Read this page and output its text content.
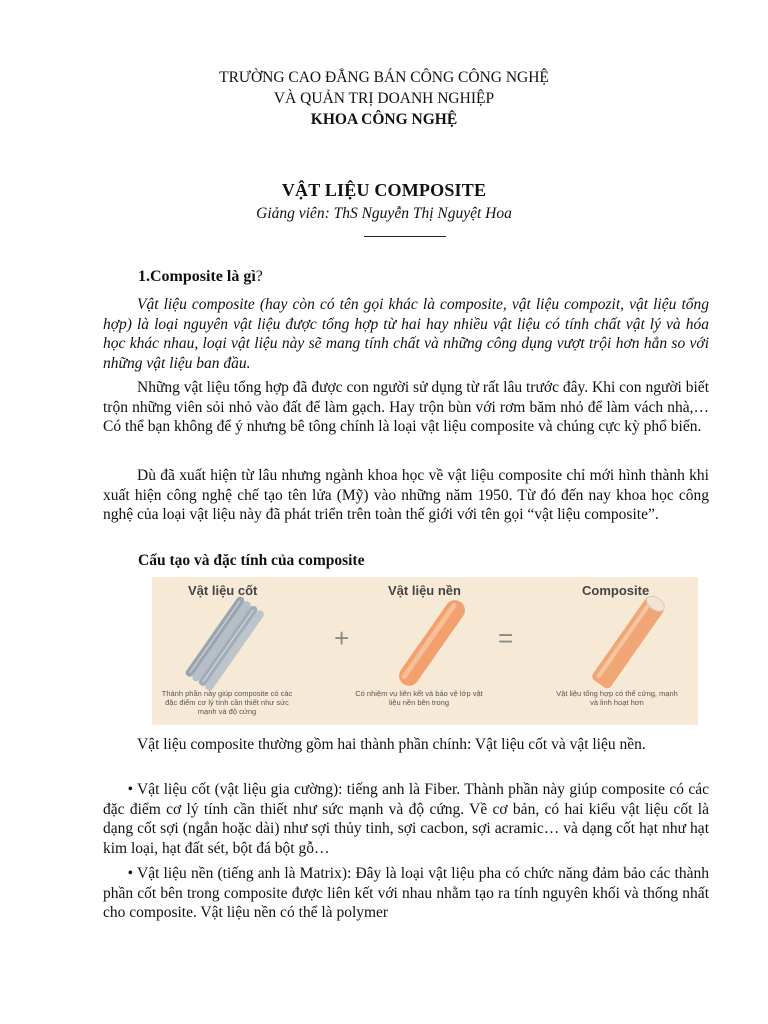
TRƯỜNG CAO ĐẲNG BÁN CÔNG CÔNG NGHỆ
VÀ QUẢN TRỊ DOANH NGHIỆP
KHOA CÔNG NGHỆ
VẬT LIỆU COMPOSITE
Giảng viên: ThS Nguyễn Thị Nguyệt Hoa
1.Composite là gì?
Vật liệu composite (hay còn có tên gọi khác là composite, vật liệu compozit, vật liệu tổng hợp) là loại nguyên vật liệu được tổng hợp từ hai hay nhiều vật liệu có tính chất vật lý và hóa học khác nhau, loại vật liệu này sẽ mang tính chất và những công dụng vượt trội hơn hẳn so với những vật liệu ban đầu.
Những vật liệu tổng hợp đã được con người sử dụng từ rất lâu trước đây. Khi con người biết trộn những viên sỏi nhỏ vào đất để làm gạch. Hay trộn bùn với rơm băm nhỏ để làm vách nhà,… Có thể bạn không để ý nhưng bê tông chính là loại vật liệu composite và chúng cực kỳ phổ biến.
Dù đã xuất hiện từ lâu nhưng ngành khoa học về vật liệu composite chỉ mới hình thành khi xuất hiện công nghệ chế tạo tên lửa (Mỹ) vào những năm 1950. Từ đó đến nay khoa học công nghệ của loại vật liệu này đã phát triển trên toàn thế giới với tên gọi “vật liệu composite”.
Cấu tạo và đặc tính của composite
Vật liệu cốt	Vật liệu nền	Composite
+	=
Thành phần này giúp composite có các đặc điểm cơ lý tính cần thiết như sức mạnh và độ cứng
Có nhiệm vụ liên kết và bảo vệ lớp vật liệu nền bên trong
Vật liệu tổng hợp có thể cứng, mạnh và linh hoạt hơn
Vật liệu composite thường gồm hai thành phần chính: Vật liệu cốt và vật liệu nền.
• Vật liệu cốt (vật liệu gia cường): tiếng anh là Fiber. Thành phần này giúp composite có các đặc điểm cơ lý tính cần thiết như sức mạnh và độ cứng. Về cơ bản, có hai kiểu vật liệu cốt là dạng cốt sợi (ngắn hoặc dài) như sợi thủy tinh, sợi cacbon, sợi acramic… và dạng cốt hạt như hạt kim loại, hạt đất sét, bột đá bột gỗ…
• Vật liệu nền (tiếng anh là Matrix): Đây là loại vật liệu pha có chức năng đảm bảo các thành phần cốt bên trong composite được liên kết với nhau nhằm tạo ra tính nguyên khối và thống nhất cho composite. Vật liệu nền có thể là polymer
